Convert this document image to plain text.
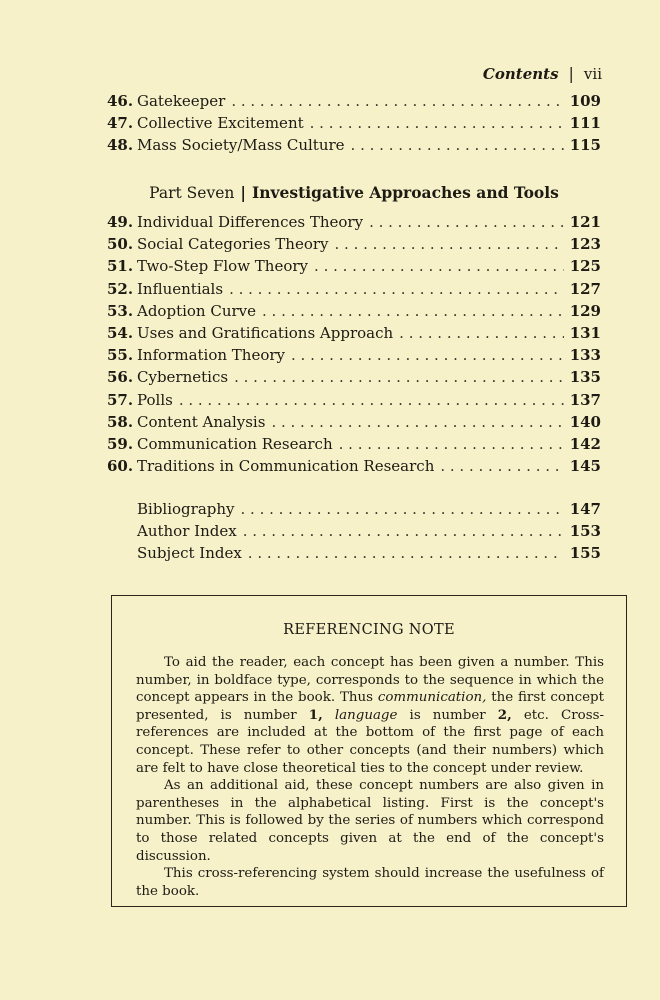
Contents | vii
46. Gatekeeper . . .	109
47. Collective Excitement . . .	111
48. Mass Society/Mass Culture . . .	115
Part Seven | Investigative Approaches and Tools
49. Individual Differences Theory . . .	121
50. Social Categories Theory . . .	123
51. Two-Step Flow Theory . . .	125
52. Influentials . . .	127
53. Adoption Curve . . .	129
54. Uses and Gratifications Approach . . .	131
55. Information Theory . . .	133
56. Cybernetics . . .	135
57. Polls . . .	137
58. Content Analysis . . .	140
59. Communication Research . . .	142
60. Traditions in Communication Research . . .	145
Bibliography . . .	147
Author Index . . .	153
Subject Index . . .	155
REFERENCING NOTE

To aid the reader, each concept has been given a number. This number, in boldface type, corresponds to the sequence in which the concept appears in the book. Thus communication, the first concept presented, is number 1, language is number 2, etc. Cross-references are included at the bottom of the first page of each concept. These refer to other concepts (and their numbers) which are felt to have close theoretical ties to the concept under review.

As an additional aid, these concept numbers are also given in parentheses in the alphabetical listing. First is the concept's number. This is followed by the series of numbers which correspond to those related concepts given at the end of the concept's discussion.

This cross-referencing system should increase the usefulness of the book.
